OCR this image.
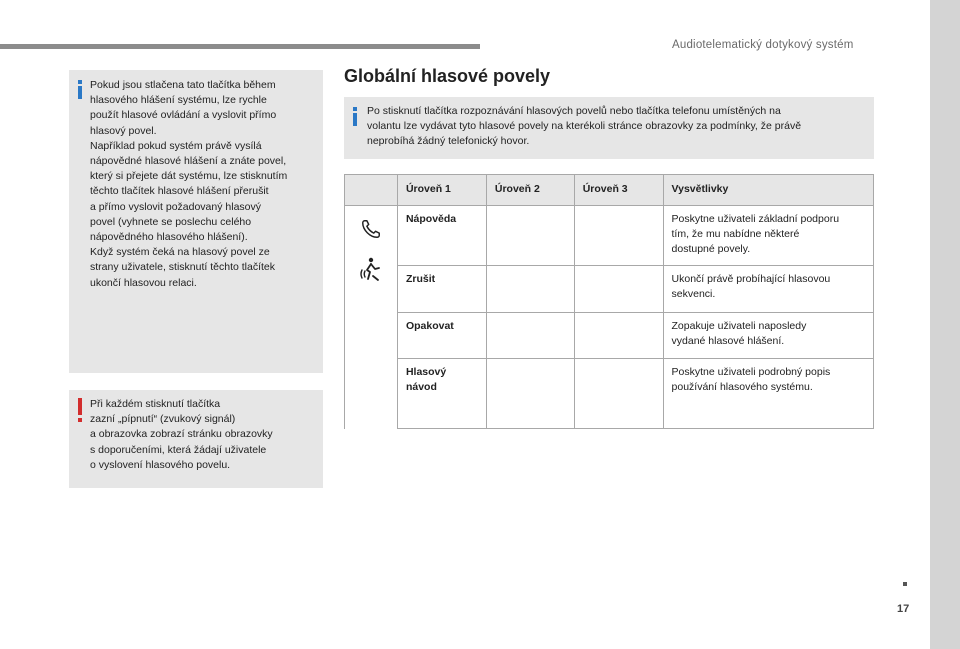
Audiotelematický dotykový systém
17
Pokud jsou stlačena tato tlačítka během
hlasového hlášení systému, lze rychle
použít hlasové ovládání a vyslovit přímo
hlasový povel.
Například pokud systém právě vysílá
nápovědné hlasové hlášení a znáte povel,
který si přejete dát systému, lze stisknutím
těchto tlačítek hlasové hlášení přerušit
a přímo vyslovit požadovaný hlasový
povel (vyhnete se poslechu celého
nápovědného hlasového hlášení).
Když systém čeká na hlasový povel ze
strany uživatele, stisknutí těchto tlačítek
ukončí hlasovou relaci.
Při každém stisknutí tlačítka
zazní „pípnutí“ (zvukový signál)
a obrazovka zobrazí stránku obrazovky
s doporučeními, která žádají uživatele
o vyslovení hlasového povelu.
Globální hlasové povely
Po stisknutí tlačítka rozpoznávání hlasových povelů nebo tlačítka telefonu umístěných na
volantu lze vydávat tyto hlasové povely na kterékoli stránce obrazovky za podmínky, že právě
neprobíhá žádný telefonický hovor.
	Úroveň 1	Úroveň 2	Úroveň 3	Vysvětlivky

	Nápověda			Poskytne uživateli základní podporu
tím, že mu nabídne některé
dostupné povely.
	Zrušit			Ukončí právě probíhající hlasovou
sekvenci.
	Opakovat			Zopakuje uživateli naposledy
vydané hlasové hlášení.
	Hlasový
návod			Poskytne uživateli podrobný popis
používání hlasového systému.
